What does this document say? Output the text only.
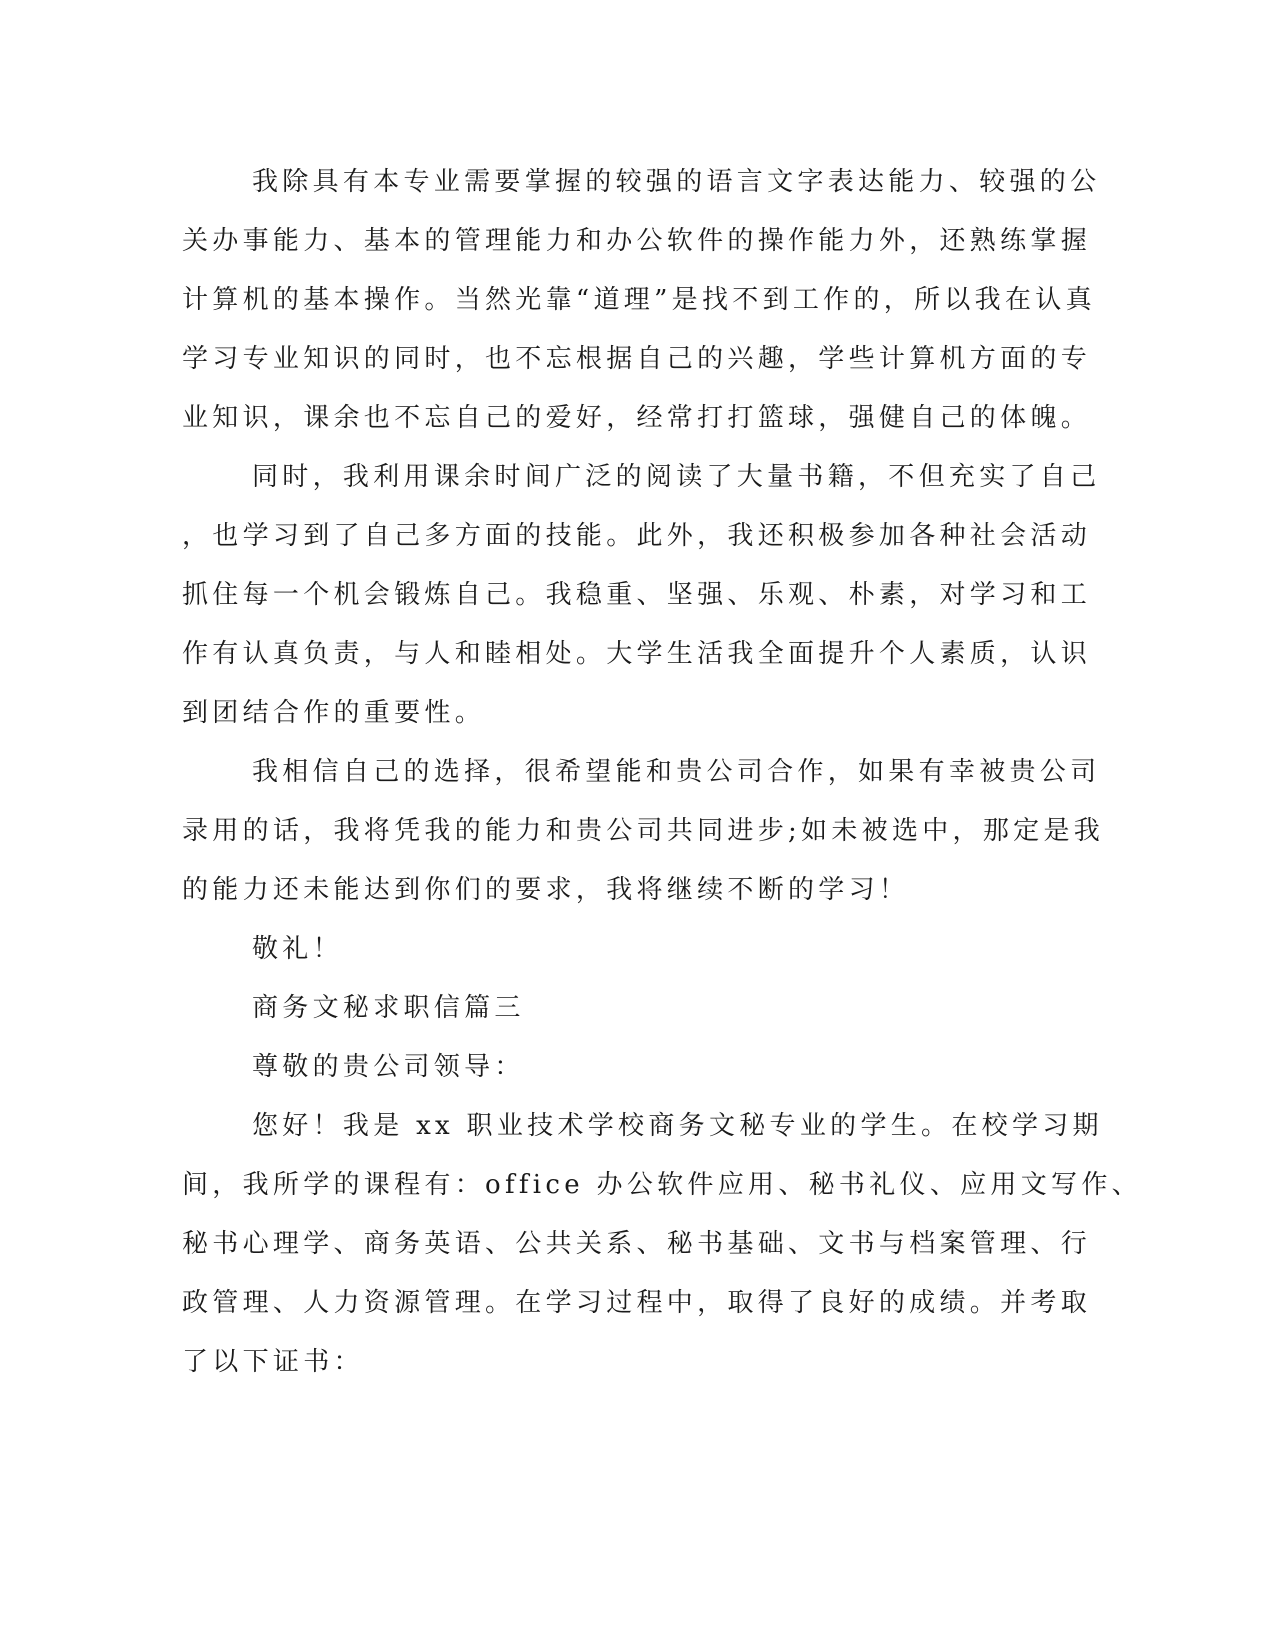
我除具有本专业需要掌握的较强的语言文字表达能力、较强的公
关办事能力、基本的管理能力和办公软件的操作能力外，还熟练掌握
计算机的基本操作。当然光靠“道理”是找不到工作的，所以我在认真
学习专业知识的同时，也不忘根据自己的兴趣，学些计算机方面的专
业知识，课余也不忘自己的爱好，经常打打篮球，强健自己的体魄。
同时，我利用课余时间广泛的阅读了大量书籍，不但充实了自己
，也学习到了自己多方面的技能。此外，我还积极参加各种社会活动
抓住每一个机会锻炼自己。我稳重、坚强、乐观、朴素，对学习和工
作有认真负责，与人和睦相处。大学生活我全面提升个人素质，认识
到团结合作的重要性。
我相信自己的选择，很希望能和贵公司合作，如果有幸被贵公司
录用的话，我将凭我的能力和贵公司共同进步;如未被选中，那定是我
的能力还未能达到你们的要求，我将继续不断的学习！
敬礼！
商务文秘求职信篇三
尊敬的贵公司领导：
您好！我是 xx 职业技术学校商务文秘专业的学生。在校学习期
间，我所学的课程有：office 办公软件应用、秘书礼仪、应用文写作、
秘书心理学、商务英语、公共关系、秘书基础、文书与档案管理、行
政管理、人力资源管理。在学习过程中，取得了良好的成绩。并考取
了以下证书：
